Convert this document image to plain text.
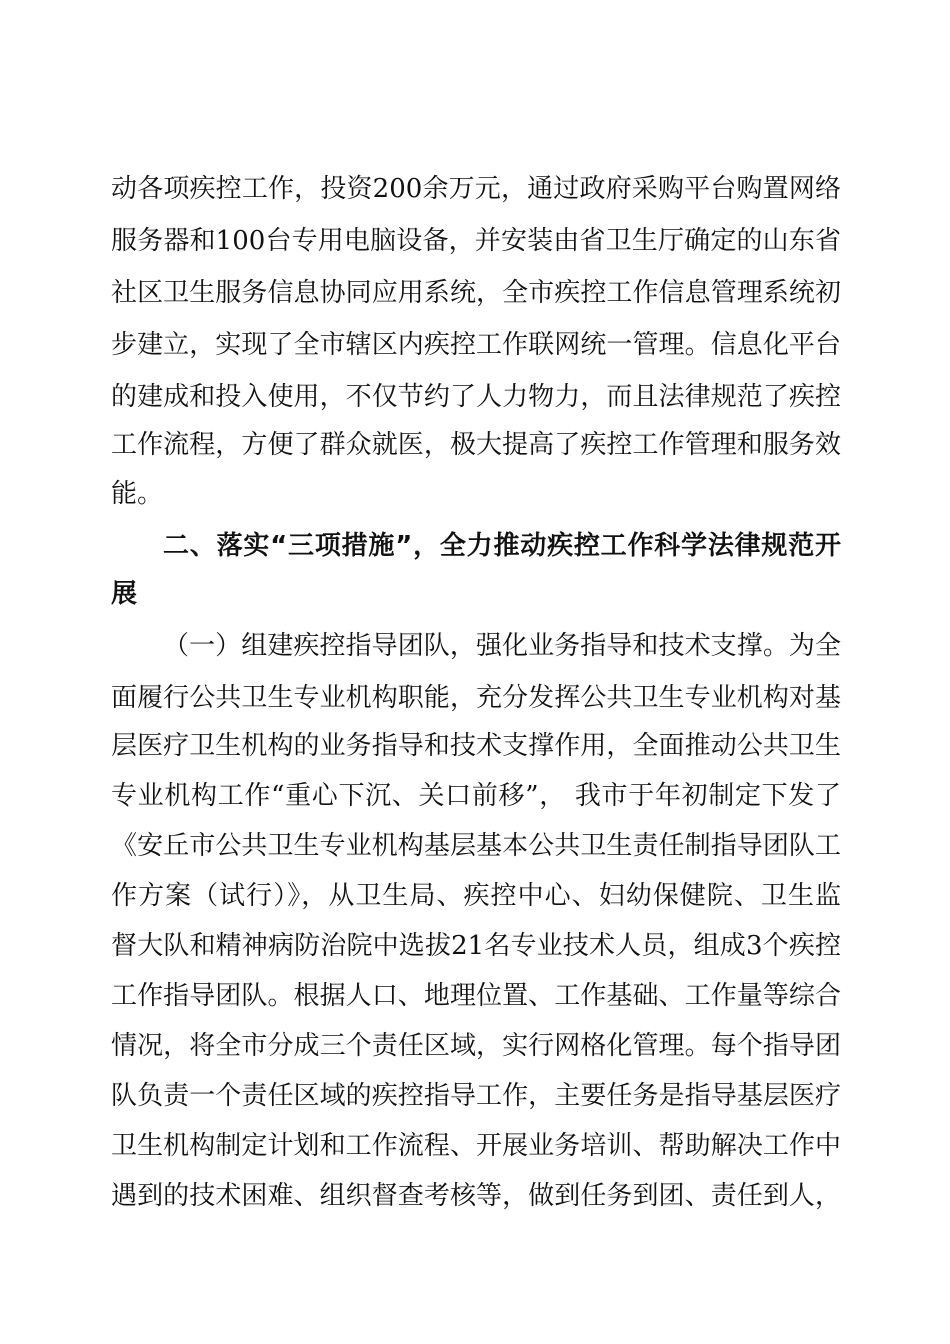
动各项疾控工作，投资200余万元，通过政府采购平台购置网络
服务器和100台专用电脑设备，并安装由省卫生厅确定的山东省
社区卫生服务信息协同应用系统，全市疾控工作信息管理系统初
步建立，实现了全市辖区内疾控工作联网统一管理。信息化平台
的建成和投入使用，不仅节约了人力物力，而且法律规范了疾控
工作流程，方便了群众就医，极大提高了疾控工作管理和服务效
能。
二、落实“三项措施”，全力推动疾控工作科学法律规范开
展
（一）组建疾控指导团队，强化业务指导和技术支撑。为全
面履行公共卫生专业机构职能，充分发挥公共卫生专业机构对基
层医疗卫生机构的业务指导和技术支撑作用，全面推动公共卫生
专业机构工作“重心下沉、关口前移”， 我市于年初制定下发了
《安丘市公共卫生专业机构基层基本公共卫生责任制指导团队工
作方案（试行）》，从卫生局、疾控中心、妇幼保健院、卫生监
督大队和精神病防治院中选拔21名专业技术人员，组成3个疾控
工作指导团队。根据人口、地理位置、工作基础、工作量等综合
情况，将全市分成三个责任区域，实行网格化管理。每个指导团
队负责一个责任区域的疾控指导工作，主要任务是指导基层医疗
卫生机构制定计划和工作流程、开展业务培训、帮助解决工作中
遇到的技术困难、组织督查考核等，做到任务到团、责任到人，
